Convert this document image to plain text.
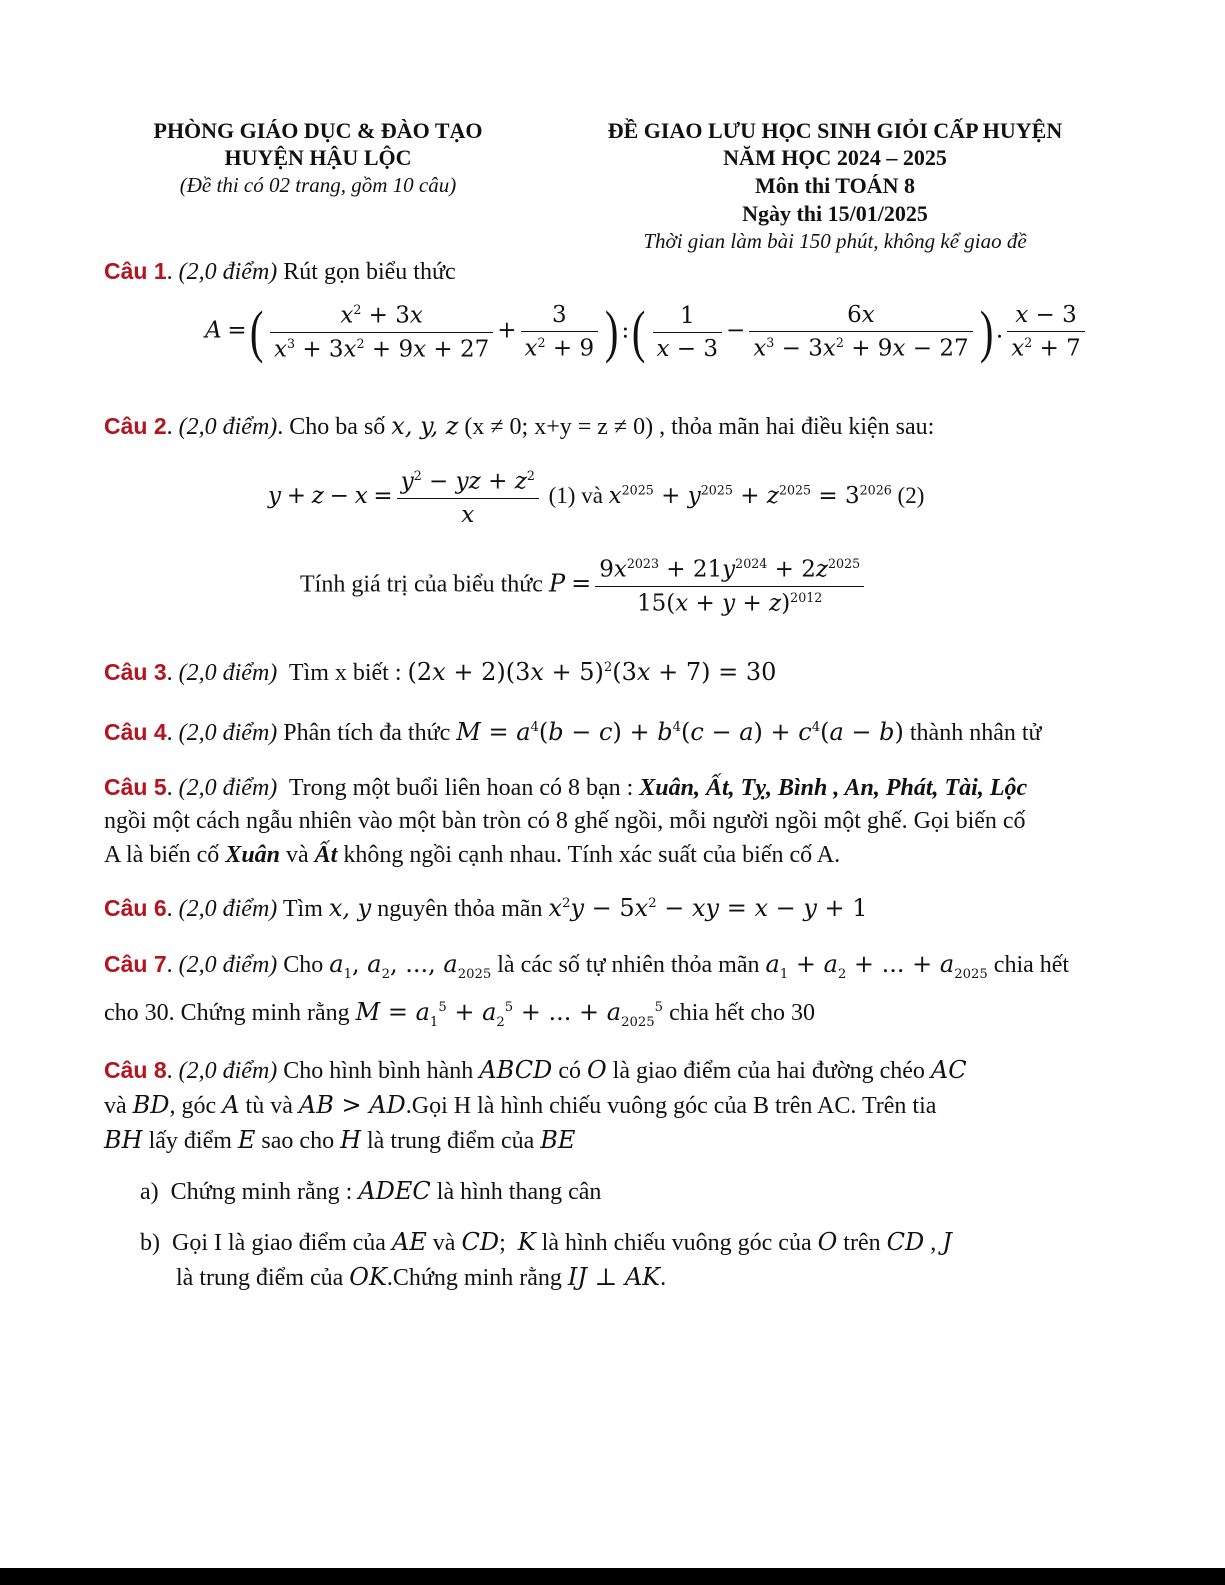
PHÒNG GIÁO DỤC & ĐÀO TẠO
HUYỆN HẬU LỘC
(Đề thi có 02 trang, gồm 10 câu)
ĐỀ GIAO LƯU HỌC SINH GIỎI CẤP HUYỆN
NĂM HỌC 2024 – 2025
Môn thi TOÁN 8
Ngày thi 15/01/2025
Thời gian làm bài 150 phút, không kể giao đề
Câu 1. (2,0 điểm) Rút gọn biểu thức
A =( $\frac{x^2 + 3x}{x^3 + 3x^2 + 9x + 27} + \frac{3}{x^2 + 9}$ ) :( $\frac{1}{x - 3} - \frac{6x}{x^3 - 3x^2 + 9x - 27}$ ) . $\frac{x - 3}{x^2 + 7}$
Câu 2. (2,0 điểm). Cho ba số x, y, z (x ≠ 0; x+y = z ≠ 0) , thỏa mãn hai điều kiện sau:
$y + z - x = \frac{y^2 - yz + z^2}{x} (1)$ và $x^{2025} + y^{2025} + z^{2025} = 3^{2026}$ (2)
Tính giá trị của biểu thức $P = \frac{9x^{2023} + 21y^{2024} + 2z^{2025}}{15(x + y + z)^{2012}}$
Câu 3. (2,0 điểm) Tìm x biết : $(2x + 2)(3x + 5)^2(3x + 7) = 30$
Câu 4. (2,0 điểm) Phân tích đa thức $M = a^4(b - c) + b^4(c - a) + c^4(a - b)$ thành nhân tử
Câu 5. (2,0 điểm) Trong một buổi liên hoan có 8 bạn : Xuân, Ất, Tỵ, Bình , An, Phát, Tài, Lộc
ngồi một cách ngẫu nhiên vào một bàn tròn có 8 ghế ngồi, mỗi người ngồi một ghế. Gọi biến cố
A là biến cố Xuân và Ất không ngồi cạnh nhau. Tính xác suất của biến cố A.
Câu 6. (2,0 điểm) Tìm x, y nguyên thỏa mãn $x^2y - 5x^2$ − xy = x − y + 1
Câu 7. (2,0 điểm) Cho $a_1$, $a_2$, ..., $a_{2025}$ là các số tự nhiên thỏa mãn $a_1 + a_2$ + ... + $a_{2025}$ chia hết
cho 30. Chứng minh rằng $M = a_1^5 + a_2^5$ + ... + $a_{2025}^5$ chia hết cho 30
Câu 8. (2,0 điểm) Cho hình bình hành ABCD có O là giao điểm của hai đường chéo AC
và BD, góc A tù và AB > AD.Gọi H là hình chiếu vuông góc của B trên AC. Trên tia
BH lấy điểm E sao cho H là trung điểm của BE
a) Chứng minh rằng : ADEC là hình thang cân
b) Gọi I là giao điểm của AE và CD; K là hình chiếu vuông góc của O trên CD , J
là trung điểm của OK.Chứng minh rằng IJ ⊥ AK.
